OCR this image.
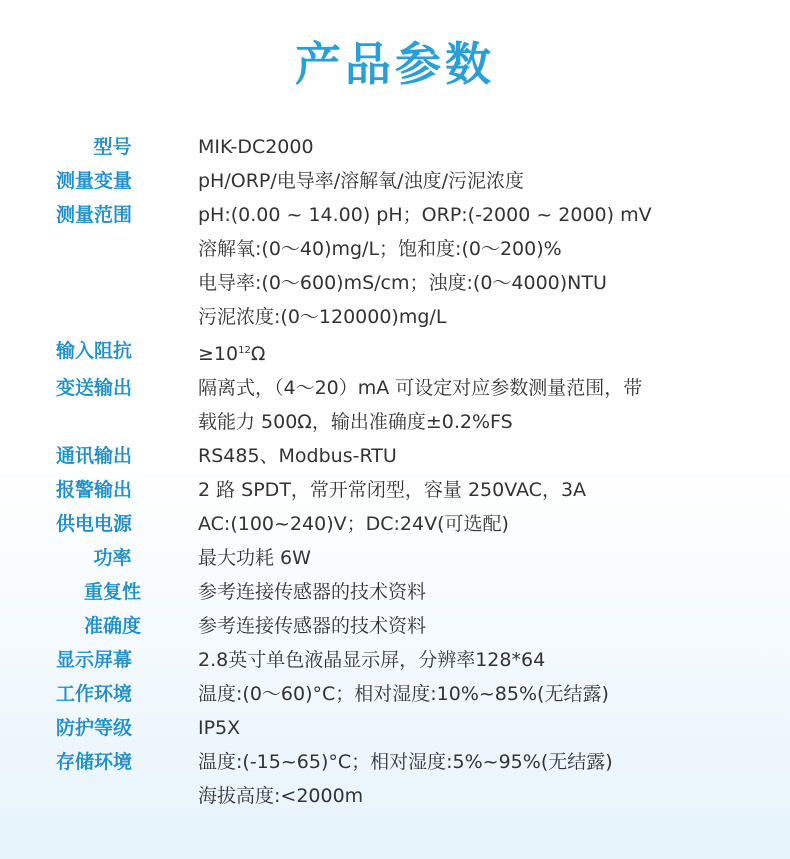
产品参数
型号	MIK-DC2000
测量变量	pH/ORP/电导率/溶解氧/浊度/污泥浓度
测量范围	pH:(0.00 ~ 14.00) pH；ORP:(-2000 ~ 2000) mV
溶解氧:(0～40)mg/L；饱和度:(0～200)%
电导率:(0～600)mS/cm；浊度:(0～4000)NTU
污泥浓度:(0～120000)mg/L
输入阻抗	$\ge 10^{12}\Omega$
变送输出	隔离式，（4～20）mA 可设定对应参数测量范围，带
载能力 500Ω，输出准确度±0.2%FS
通讯输出	RS485、Modbus-RTU
报警输出	2 路 SPDT，常开常闭型，容量 250VAC，3A
供电电源	AC:(100~240)V；DC:24V(可选配)
功率	最大功耗 6W
重复性	参考连接传感器的技术资料
准确度	参考连接传感器的技术资料
显示屏幕	2.8英寸单色液晶显示屏，分辨率128*64
工作环境	温度:(0～60)°C；相对湿度:10%~85%(无结露)
防护等级	IP5X
存储环境	温度:(-15~65)°C；相对湿度:5%~95%(无结露)
海拔高度:<2000m
